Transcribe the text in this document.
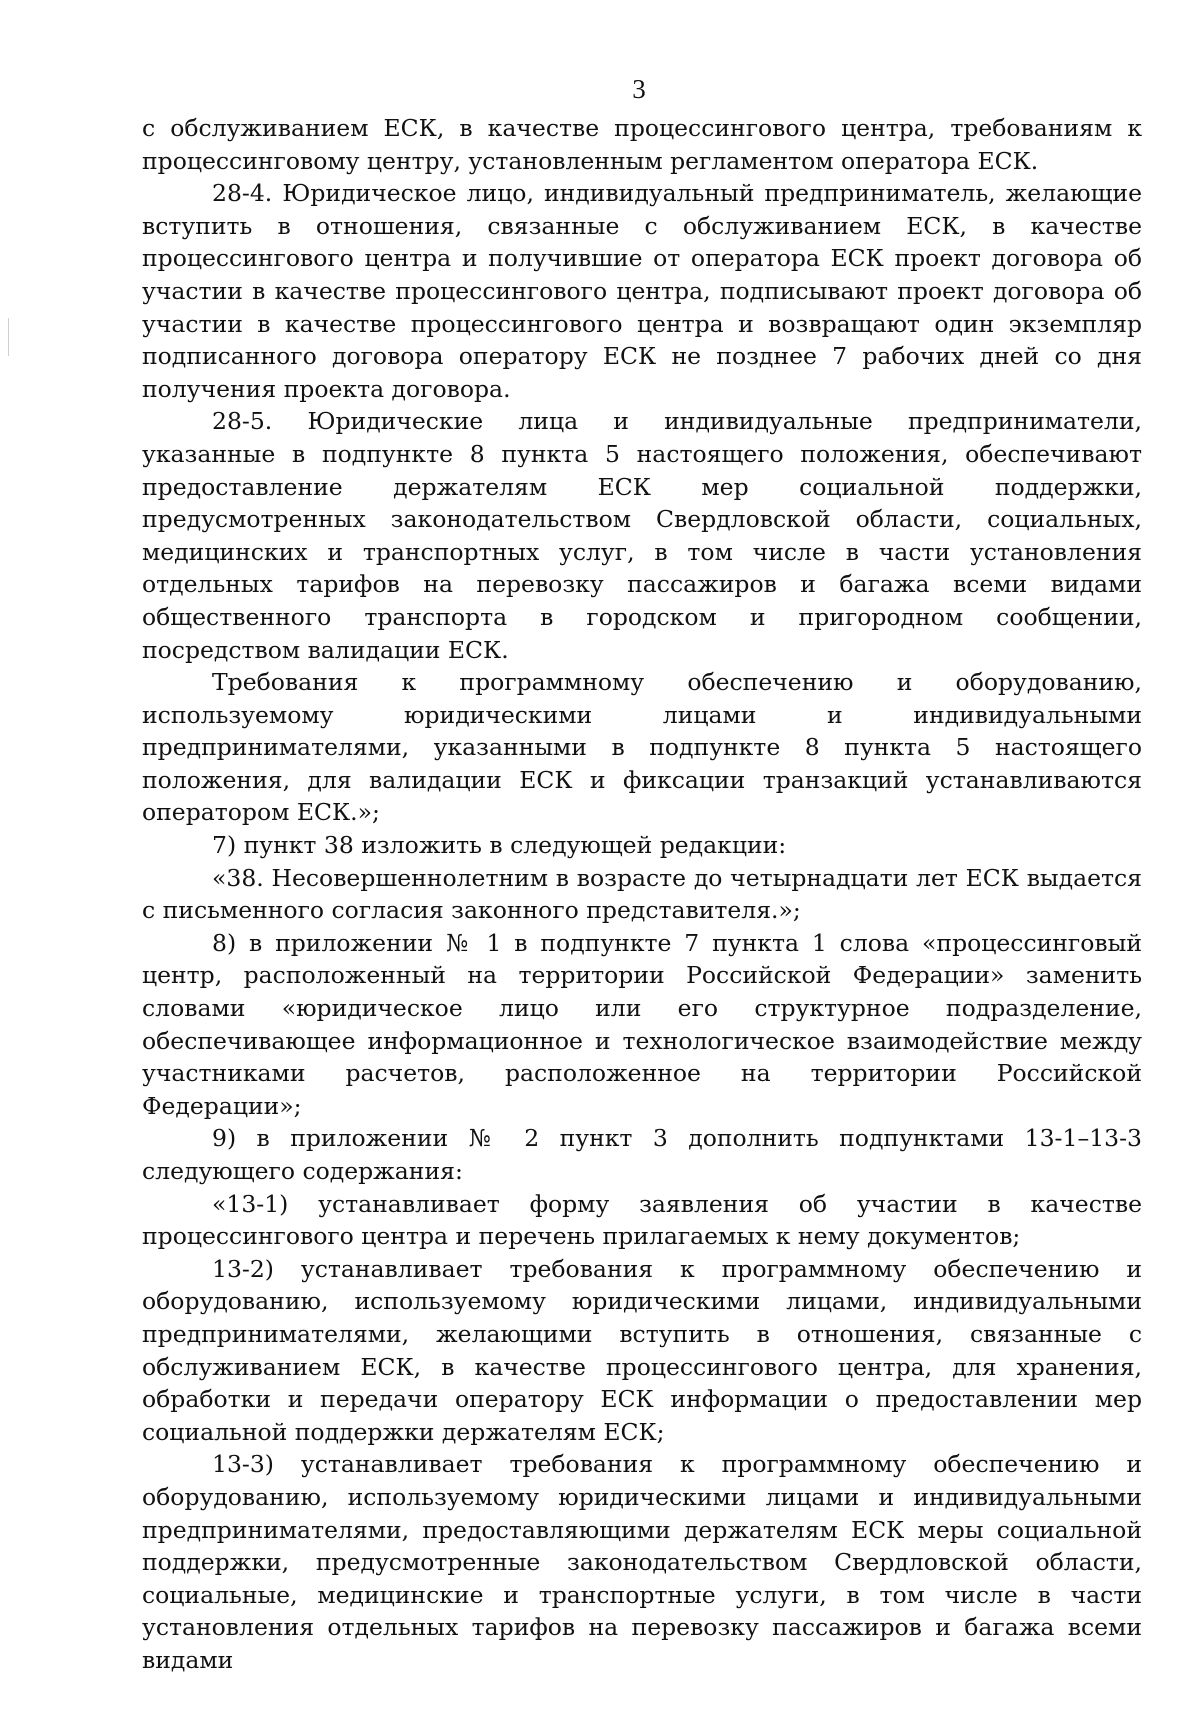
3

с обслуживанием ЕСК, в качестве процессингового центра, требованиям к процессинговому центру, установленным регламентом оператора ЕСК.

28-4. Юридическое лицо, индивидуальный предприниматель, желающие вступить в отношения, связанные с обслуживанием ЕСК, в качестве процессингового центра и получившие от оператора ЕСК проект договора об участии в качестве процессингового центра, подписывают проект договора об участии в качестве процессингового центра и возвращают один экземпляр подписанного договора оператору ЕСК не позднее 7 рабочих дней со дня получения проекта договора.

28-5. Юридические лица и индивидуальные предприниматели, указанные в подпункте 8 пункта 5 настоящего положения, обеспечивают предоставление держателям ЕСК мер социальной поддержки, предусмотренных законодательством Свердловской области, социальных, медицинских и транспортных услуг, в том числе в части установления отдельных тарифов на перевозку пассажиров и багажа всеми видами общественного транспорта в городском и пригородном сообщении, посредством валидации ЕСК.

Требования к программному обеспечению и оборудованию, используемому юридическими лицами и индивидуальными предпринимателями, указанными в подпункте 8 пункта 5 настоящего положения, для валидации ЕСК и фиксации транзакций устанавливаются оператором ЕСК.»;

7) пункт 38 изложить в следующей редакции:

«38. Несовершеннолетним в возрасте до четырнадцати лет ЕСК выдается с письменного согласия законного представителя.»;

8) в приложении № 1 в подпункте 7 пункта 1 слова «процессинговый центр, расположенный на территории Российской Федерации» заменить словами «юридическое лицо или его структурное подразделение, обеспечивающее информационное и технологическое взаимодействие между участниками расчетов, расположенное на территории Российской Федерации»;

9) в приложении № 2 пункт 3 дополнить подпунктами 13-1–13-3 следующего содержания:

«13-1) устанавливает форму заявления об участии в качестве процессингового центра и перечень прилагаемых к нему документов;

13-2) устанавливает требования к программному обеспечению и оборудованию, используемому юридическими лицами, индивидуальными предпринимателями, желающими вступить в отношения, связанные с обслуживанием ЕСК, в качестве процессингового центра, для хранения, обработки и передачи оператору ЕСК информации о предоставлении мер социальной поддержки держателям ЕСК;

13-3) устанавливает требования к программному обеспечению и оборудованию, используемому юридическими лицами и индивидуальными предпринимателями, предоставляющими держателям ЕСК меры социальной поддержки, предусмотренные законодательством Свердловской области, социальные, медицинские и транспортные услуги, в том числе в части установления отдельных тарифов на перевозку пассажиров и багажа всеми видами
